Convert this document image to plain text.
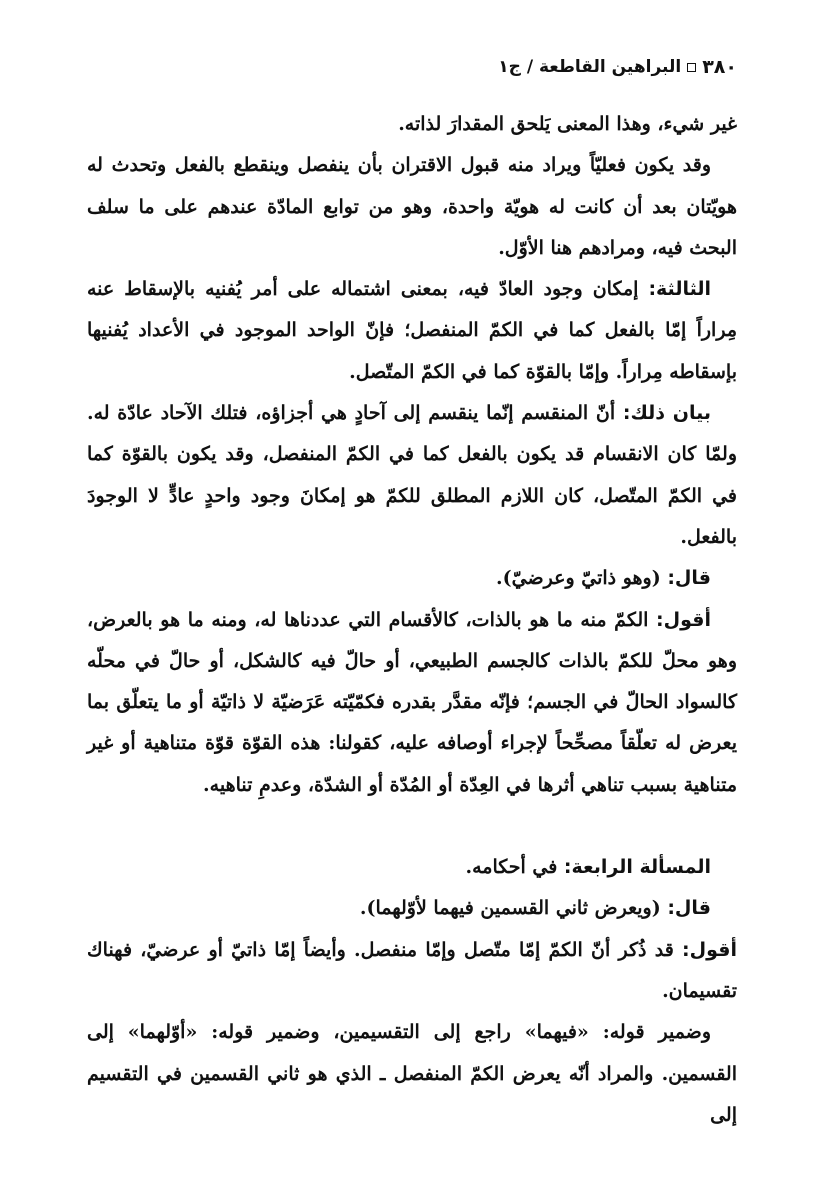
٣٨٠
البراهين القاطعة / ج١

غير شيء، وهذا المعنى يَلحق المقدارَ لذاته.

وقد يكون فعليّاً ويراد منه قبول الاقتران بأن ينفصل وينقطع بالفعل وتحدث له هويّتان بعد أن كانت له هويّة واحدة، وهو من توابع المادّة عندهم على ما سلف البحث فيه، ومرادهم هنا الأوّل.

الثالثة: إمكان وجود العادّ فيه، بمعنى اشتماله على أمر يُفنيه بالإسقاط عنه مِراراً إمّا بالفعل كما في الكمّ المنفصل؛ فإنّ الواحد الموجود في الأعداد يُفنيها بإسقاطه مِراراً. وإمّا بالقوّة كما في الكمّ المتّصل.

بيان ذلك: أنّ المنقسم إنّما ينقسم إلى آحادٍ هي أجزاؤه، فتلك الآحاد عادّة له. ولمّا كان الانقسام قد يكون بالفعل كما في الكمّ المنفصل، وقد يكون بالقوّة كما في الكمّ المتّصل، كان اللازم المطلق للكمّ هو إمكانَ وجود واحدٍ عادٍّ لا الوجودَ بالفعل.

قال: (وهو ذاتيّ وعرضيّ).

أقول: الكمّ منه ما هو بالذات، كالأقسام التي عددناها له، ومنه ما هو بالعرض، وهو محلّ للكمّ بالذات كالجسم الطبيعي، أو حالّ فيه كالشكل، أو حالّ في محلّه كالسواد الحالّ في الجسم؛ فإنّه مقدَّر بقدره فكمّيّته عَرَضيّة لا ذاتيّة أو ما يتعلّق بما يعرض له تعلّقاً مصحِّحاً لإجراء أوصافه عليه، كقولنا: هذه القوّة قوّة متناهية أو غير متناهية بسبب تناهي أثرها في العِدّة أو المُدّة أو الشدّة، وعدمِ تناهيه.

المسألة الرابعة: في أحكامه.

قال: (ويعرض ثاني القسمين فيهما لأوّلهما).

أقول: قد ذُكر أنّ الكمّ إمّا متّصل وإمّا منفصل. وأيضاً إمّا ذاتيّ أو عرضيّ، فهناك تقسيمان.

وضمير قوله: «فيهما» راجع إلى التقسيمين، وضمير قوله: «أوّلهما» إلى القسمين. والمراد أنّه يعرض الكمّ المنفصل ـ الذي هو ثاني القسمين في التقسيم إلى
